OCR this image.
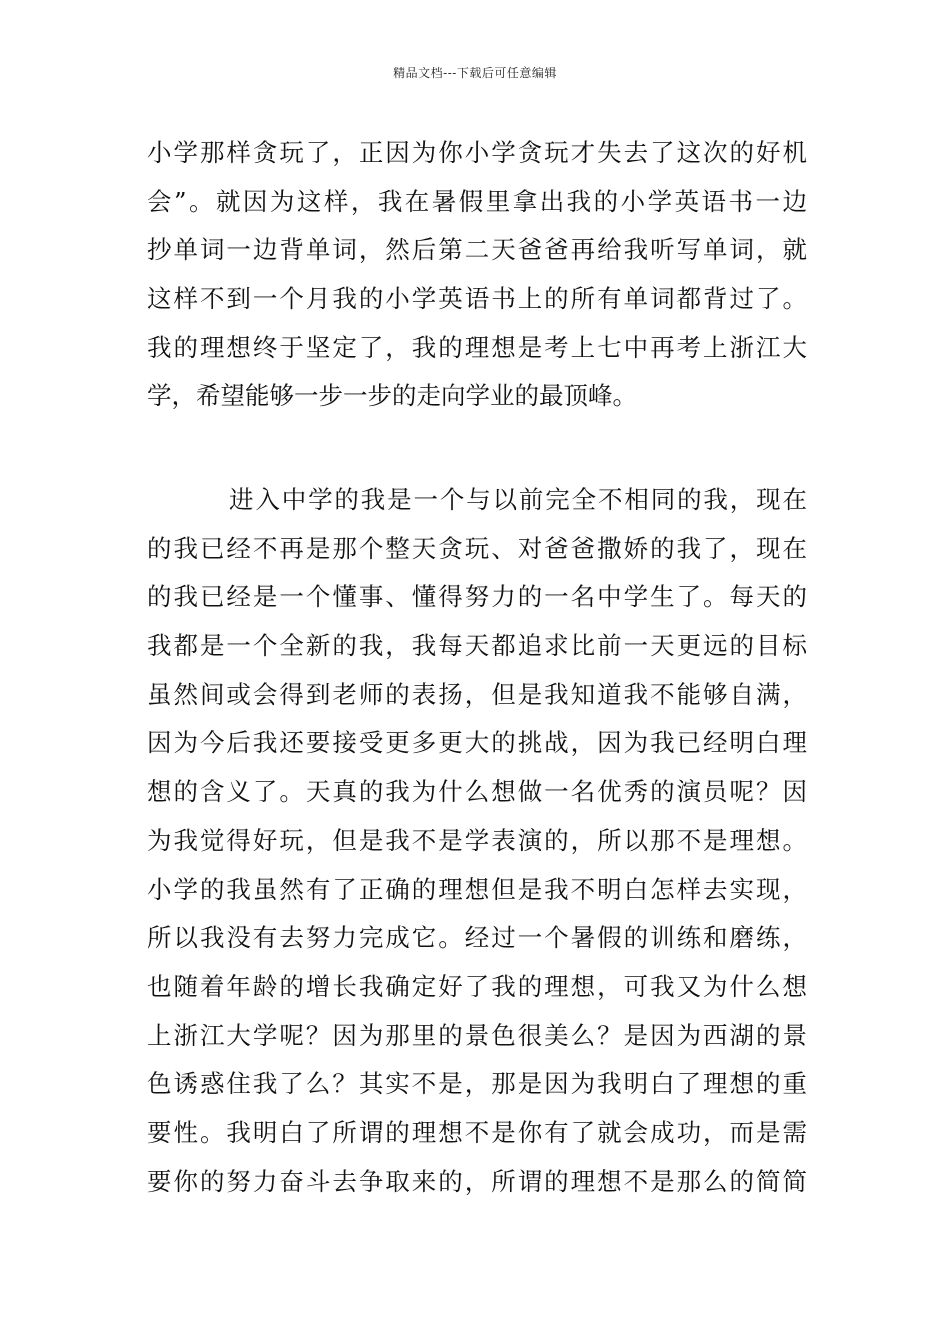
精品文档---下载后可任意编辑
小学那样贪玩了，正因为你小学贪玩才失去了这次的好机
会”。就因为这样，我在暑假里拿出我的小学英语书一边
抄单词一边背单词，然后第二天爸爸再给我听写单词，就
这样不到一个月我的小学英语书上的所有单词都背过了。
我的理想终于坚定了，我的理想是考上七中再考上浙江大
学，希望能够一步一步的走向学业的最顶峰。
进入中学的我是一个与以前完全不相同的我，现在
的我已经不再是那个整天贪玩、对爸爸撒娇的我了，现在
的我已经是一个懂事、懂得努力的一名中学生了。每天的
我都是一个全新的我，我每天都追求比前一天更远的目标
虽然间或会得到老师的表扬，但是我知道我不能够自满，
因为今后我还要接受更多更大的挑战，因为我已经明白理
想的含义了。天真的我为什么想做一名优秀的演员呢？因
为我觉得好玩，但是我不是学表演的，所以那不是理想。
小学的我虽然有了正确的理想但是我不明白怎样去实现，
所以我没有去努力完成它。经过一个暑假的训练和磨练，
也随着年龄的增长我确定好了我的理想，可我又为什么想
上浙江大学呢？因为那里的景色很美么？是因为西湖的景
色诱惑住我了么？其实不是，那是因为我明白了理想的重
要性。我明白了所谓的理想不是你有了就会成功，而是需
要你的努力奋斗去争取来的，所谓的理想不是那么的简简
